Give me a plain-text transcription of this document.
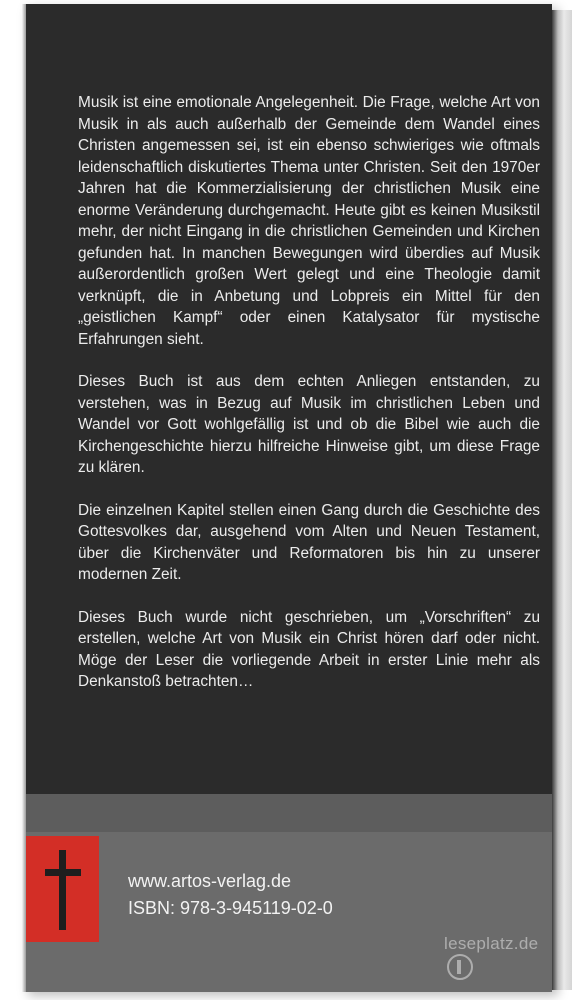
Musik ist eine emotionale Angelegenheit. Die Frage, welche Art von Musik in als auch außerhalb der Gemeinde dem Wandel eines Christen angemessen sei, ist ein ebenso schwieriges wie oftmals leidenschaftlich diskutiertes Thema unter Christen. Seit den 1970er Jahren hat die Kommerzialisierung der christlichen Musik eine enorme Veränderung durchgemacht. Heute gibt es keinen Musikstil mehr, der nicht Eingang in die christlichen Gemeinden und Kirchen gefunden hat. In manchen Bewegungen wird überdies auf Musik außerordentlich großen Wert gelegt und eine Theologie damit verknüpft, die in Anbetung und Lobpreis ein Mittel für den „geistlichen Kampf“ oder einen Katalysator für mystische Erfahrungen sieht.

Dieses Buch ist aus dem echten Anliegen entstanden, zu verstehen, was in Bezug auf Musik im christlichen Leben und Wandel vor Gott wohlgefällig ist und ob die Bibel wie auch die Kirchengeschichte hierzu hilfreiche Hinweise gibt, um diese Frage zu klären.

Die einzelnen Kapitel stellen einen Gang durch die Geschichte des Gottesvolkes dar, ausgehend vom Alten und Neuen Testament, über die Kirchenväter und Reformatoren bis hin zu unserer modernen Zeit.

Dieses Buch wurde nicht geschrieben, um „Vorschriften“ zu erstellen, welche Art von Musik ein Christ hören darf oder nicht. Möge der Leser die vorliegende Arbeit in erster Linie mehr als Denkanstoß betrachten…

www.artos-verlag.de
ISBN: 978-3-945119-02-0
leseplatz.de
